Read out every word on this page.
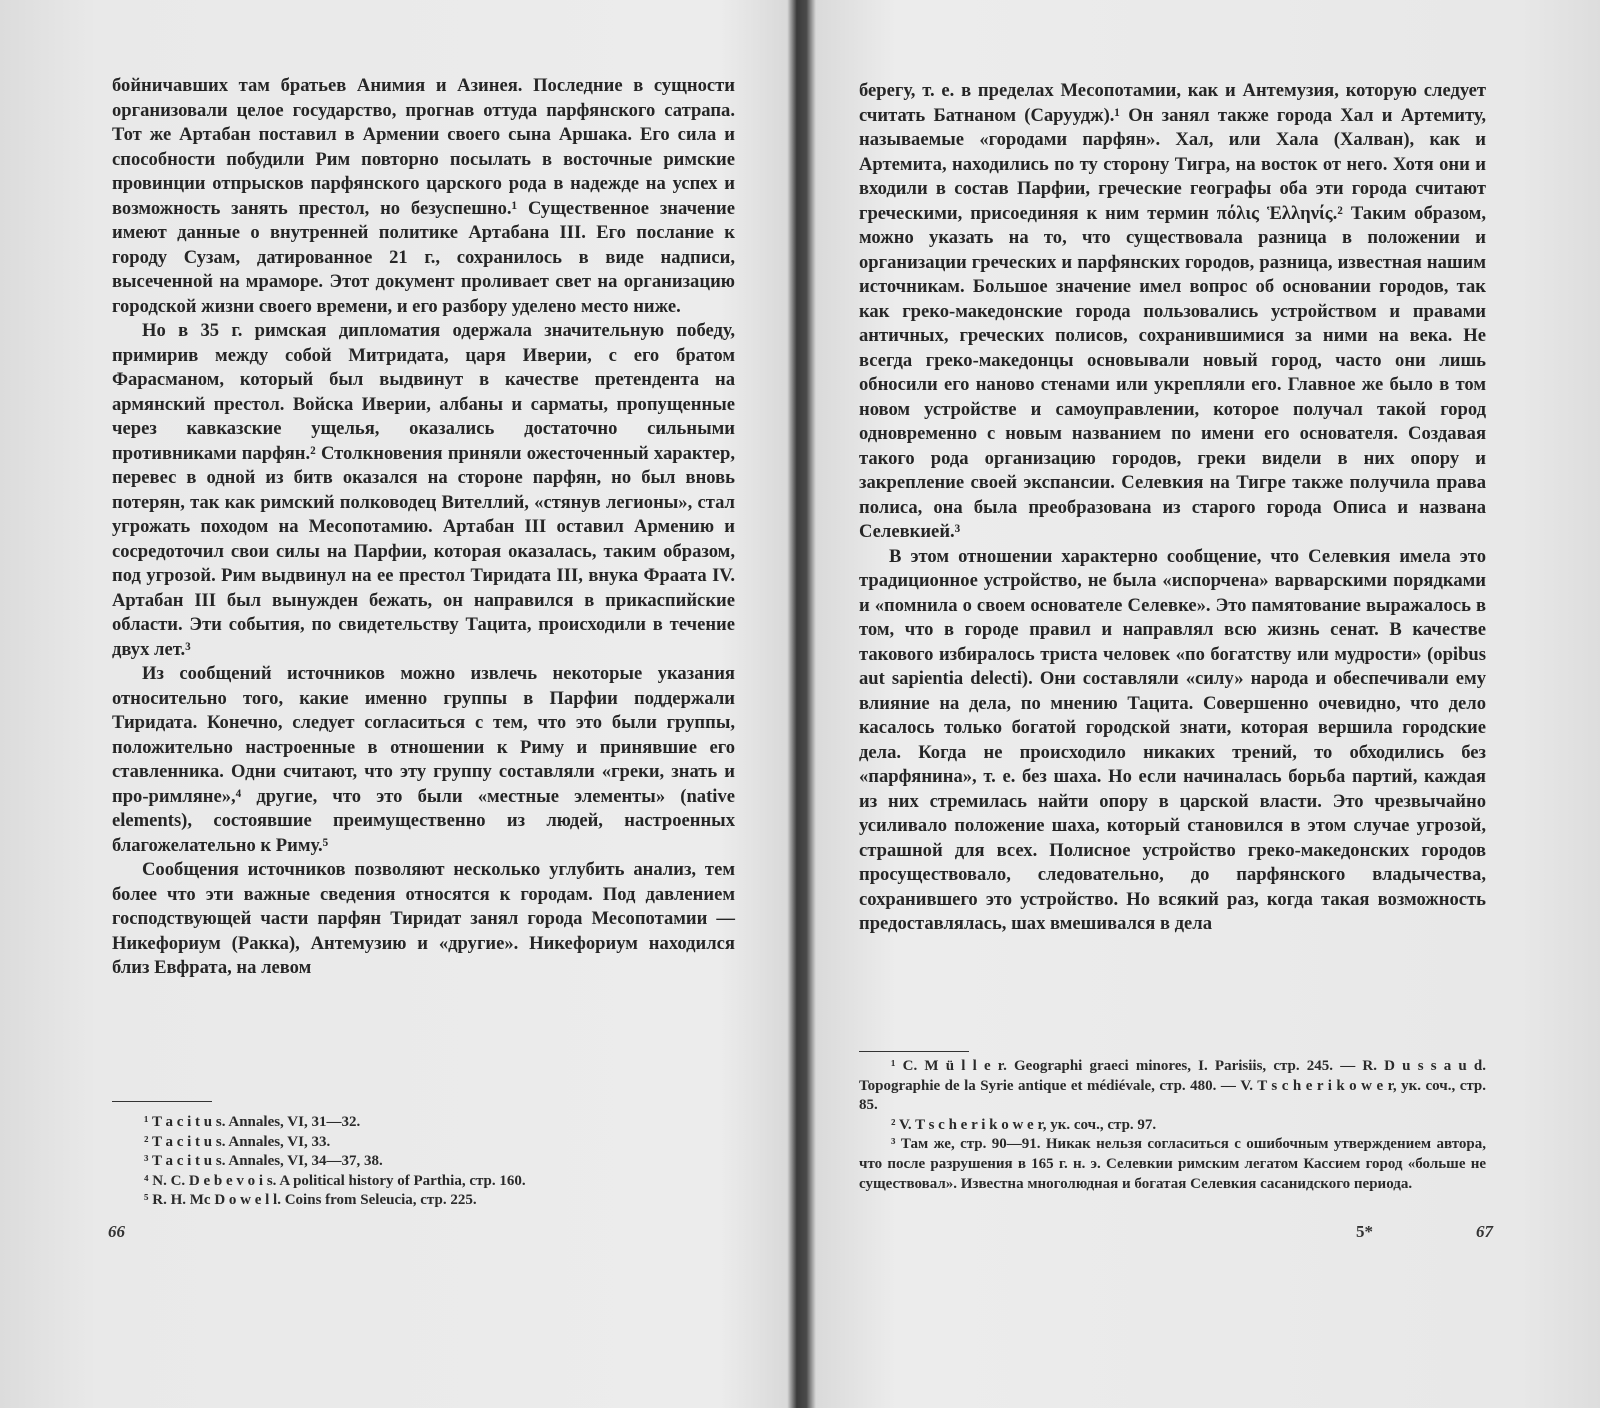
бойничавших там братьев Анимия и Азинея. Последние в сущности организовали целое государство, прогнав оттуда парфянского сатрапа. Тот же Артабан поставил в Армении своего сына Аршака. Его сила и способности побудили Рим повторно посылать в восточные римские провинции отпрысков парфянского царского рода в надежде на успех и возможность занять престол, но безуспешно.¹ Существенное значение имеют данные о внутренней политике Артабана III. Его послание к городу Сузам, датированное 21 г., сохранилось в виде надписи, высеченной на мраморе. Этот документ проливает свет на организацию городской жизни своего времени, и его разбору уделено место ниже.

Но в 35 г. римская дипломатия одержала значительную победу, примирив между собой Митридата, царя Иверии, с его братом Фарасманом, который был выдвинут в качестве претендента на армянский престол. Войска Иверии, албаны и сарматы, пропущенные через кавказские ущелья, оказались достаточно сильными противниками парфян.² Столкновения приняли ожесточенный характер, перевес в одной из битв оказался на стороне парфян, но был вновь потерян, так как римский полководец Вителлий, «стянув легионы», стал угрожать походом на Месопотамию. Артабан III оставил Армению и сосредоточил свои силы на Парфии, которая оказалась, таким образом, под угрозой. Рим выдвинул на ее престол Тиридата III, внука Фраата IV. Артабан III был вынужден бежать, он направился в прикаспийские области. Эти события, по свидетельству Тацита, происходили в течение двух лет.³

Из сообщений источников можно извлечь некоторые указания относительно того, какие именно группы в Парфии поддержали Тиридата. Конечно, следует согласиться с тем, что это были группы, положительно настроенные в отношении к Риму и принявшие его ставленника. Одни считают, что эту группу составляли «греки, знать и про-римляне»,⁴ другие, что это были «местные элементы» (native elements), состоявшие преимущественно из людей, настроенных благожелательно к Риму.⁵

Сообщения источников позволяют несколько углубить анализ, тем более что эти важные сведения относятся к городам. Под давлением господствующей части парфян Тиридат занял города Месопотамии — Никефориум (Ракка), Антемузию и «другие». Никефориум находился близ Евфрата, на левом

¹ T a c i t u s. Annales, VI, 31—32.

² T a c i t u s. Annales, VI, 33.

³ T a c i t u s. Annales, VI, 34—37, 38.

⁴ N. C. D e b e v o i s. A political history of Parthia, стр. 160.

⁵ R. H. Mc D o w e l l. Coins from Seleucia, стр. 225.

66

берегу, т. е. в пределах Месопотамии, как и Антемузия, которую следует считать Батнаном (Саруудж).¹ Он занял также города Хал и Артемиту, называемые «городами парфян». Хал, или Хала (Халван), как и Артемита, находились по ту сторону Тигра, на восток от него. Хотя они и входили в состав Парфии, греческие географы оба эти города считают греческими, присоединяя к ним термин πόλις Ἑλληνίς.² Таким образом, можно указать на то, что существовала разница в положении и организации греческих и парфянских городов, разница, известная нашим источникам. Большое значение имел вопрос об основании городов, так как греко-македонские города пользовались устройством и правами античных, греческих полисов, сохранившимися за ними на века. Не всегда греко-македонцы основывали новый город, часто они лишь обносили его наново стенами или укрепляли его. Главное же было в том новом устройстве и самоуправлении, которое получал такой город одновременно с новым названием по имени его основателя. Создавая такого рода организацию городов, греки видели в них опору и закрепление своей экспансии. Селевкия на Тигре также получила права полиса, она была преобразована из старого города Описа и названа Селевкией.³

В этом отношении характерно сообщение, что Селевкия имела это традиционное устройство, не была «испорчена» варварскими порядками и «помнила о своем основателе Селевке». Это памятование выражалось в том, что в городе правил и направлял всю жизнь сенат. В качестве такового избиралось триста человек «по богатству или мудрости» (opibus aut sapientia delecti). Они составляли «силу» народа и обеспечивали ему влияние на дела, по мнению Тацита. Совершенно очевидно, что дело касалось только богатой городской знати, которая вершила городские дела. Когда не происходило никаких трений, то обходились без «парфянина», т. е. без шаха. Но если начиналась борьба партий, каждая из них стремилась найти опору в царской власти. Это чрезвычайно усиливало положение шаха, который становился в этом случае угрозой, страшной для всех. Полисное устройство греко-македонских городов просуществовало, следовательно, до парфянского владычества, сохранившего это устройство. Но всякий раз, когда такая возможность предоставлялась, шах вмешивался в дела

¹ C. M ü l l e r. Geographi graeci minores, I. Parisiis, стр. 245. — R. D u s s a u d. Topographie de la Syrie antique et médiévale, стр. 480. — V. T s c h e r i k o w e r, ук. соч., стр. 85.

² V. T s c h e r i k o w e r, ук. соч., стр. 97.

³ Там же, стр. 90—91. Никак нельзя согласиться с ошибочным утверждением автора, что после разрушения в 165 г. н. э. Селевкии римским легатом Кассием город «больше не существовал». Известна многолюдная и богатая Селевкия сасанидского периода.

5*	67
